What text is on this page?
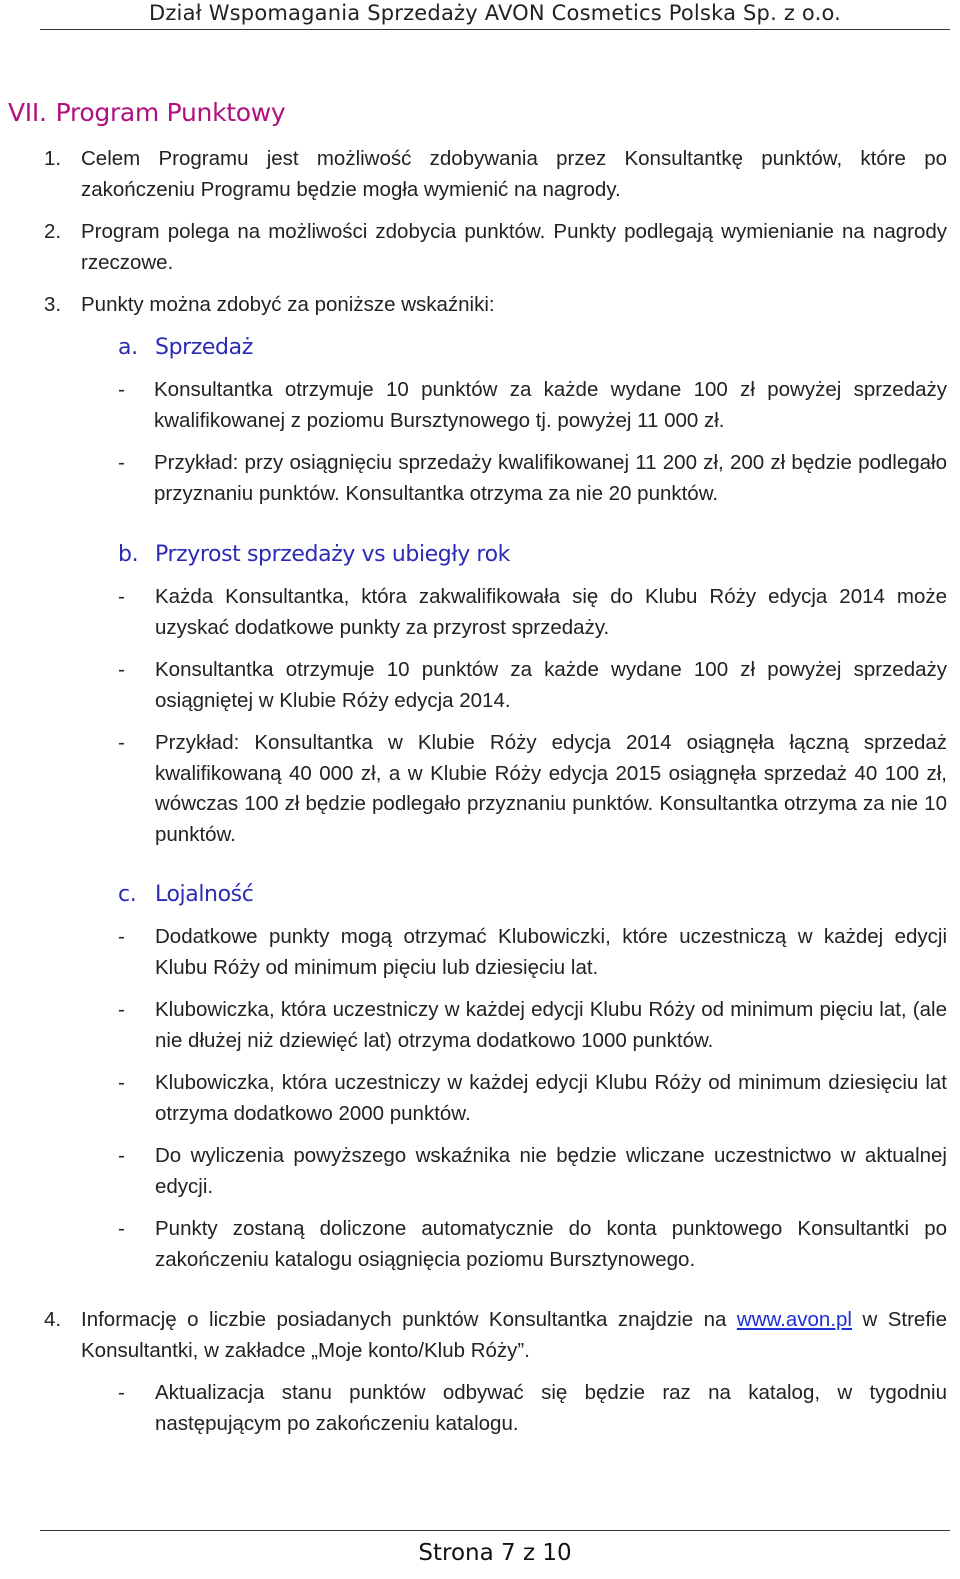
Dział Wspomagania Sprzedaży AVON Cosmetics Polska Sp. z o.o.
VII. Program Punktowy
1. Celem Programu jest możliwość zdobywania przez Konsultantkę punktów, które po zakończeniu Programu będzie mogła wymienić na nagrody.
2. Program polega na możliwości zdobycia punktów. Punkty podlegają wymienianie na nagrody rzeczowe.
3. Punkty można zdobyć za poniższe wskaźniki:
a. Sprzedaż
- Konsultantka otrzymuje 10 punktów za każde wydane 100 zł powyżej sprzedaży kwalifikowanej z poziomu Bursztynowego tj. powyżej 11 000 zł.
- Przykład: przy osiągnięciu sprzedaży kwalifikowanej 11 200 zł, 200 zł będzie podlegało przyznaniu punktów. Konsultantka otrzyma za nie 20 punktów.
b. Przyrost sprzedaży vs ubiegły rok
- Każda Konsultantka, która zakwalifikowała się do Klubu Róży edycja 2014 może uzyskać dodatkowe punkty za przyrost sprzedaży.
- Konsultantka otrzymuje 10 punktów za każde wydane 100 zł powyżej sprzedaży osiągniętej w Klubie Róży edycja 2014.
- Przykład: Konsultantka w Klubie Róży edycja 2014 osiągnęła łączną sprzedaż kwalifikowaną 40 000 zł, a w Klubie Róży edycja 2015 osiągnęła sprzedaż 40 100 zł, wówczas 100 zł będzie podlegało przyznaniu punktów. Konsultantka otrzyma za nie 10 punktów.
c. Lojalność
- Dodatkowe punkty mogą otrzymać Klubowiczki, które uczestniczą w każdej edycji Klubu Róży od minimum pięciu lub dziesięciu lat.
- Klubowiczka, która uczestniczy w każdej edycji Klubu Róży od minimum pięciu lat, (ale nie dłużej niż dziewięć lat) otrzyma dodatkowo 1000 punktów.
- Klubowiczka, która uczestniczy w każdej edycji Klubu Róży od minimum dziesięciu lat otrzyma dodatkowo 2000 punktów.
- Do wyliczenia powyższego wskaźnika nie będzie wliczane uczestnictwo w aktualnej edycji.
- Punkty zostaną doliczone automatycznie do konta punktowego Konsultantki po zakończeniu katalogu osiągnięcia poziomu Bursztynowego.
4. Informację o liczbie posiadanych punktów Konsultantka znajdzie na www.avon.pl w Strefie Konsultantki, w zakładce „Moje konto/Klub Róży”.
- Aktualizacja stanu punktów odbywać się będzie raz na katalog, w tygodniu następującym po zakończeniu katalogu.
Strona 7 z 10
